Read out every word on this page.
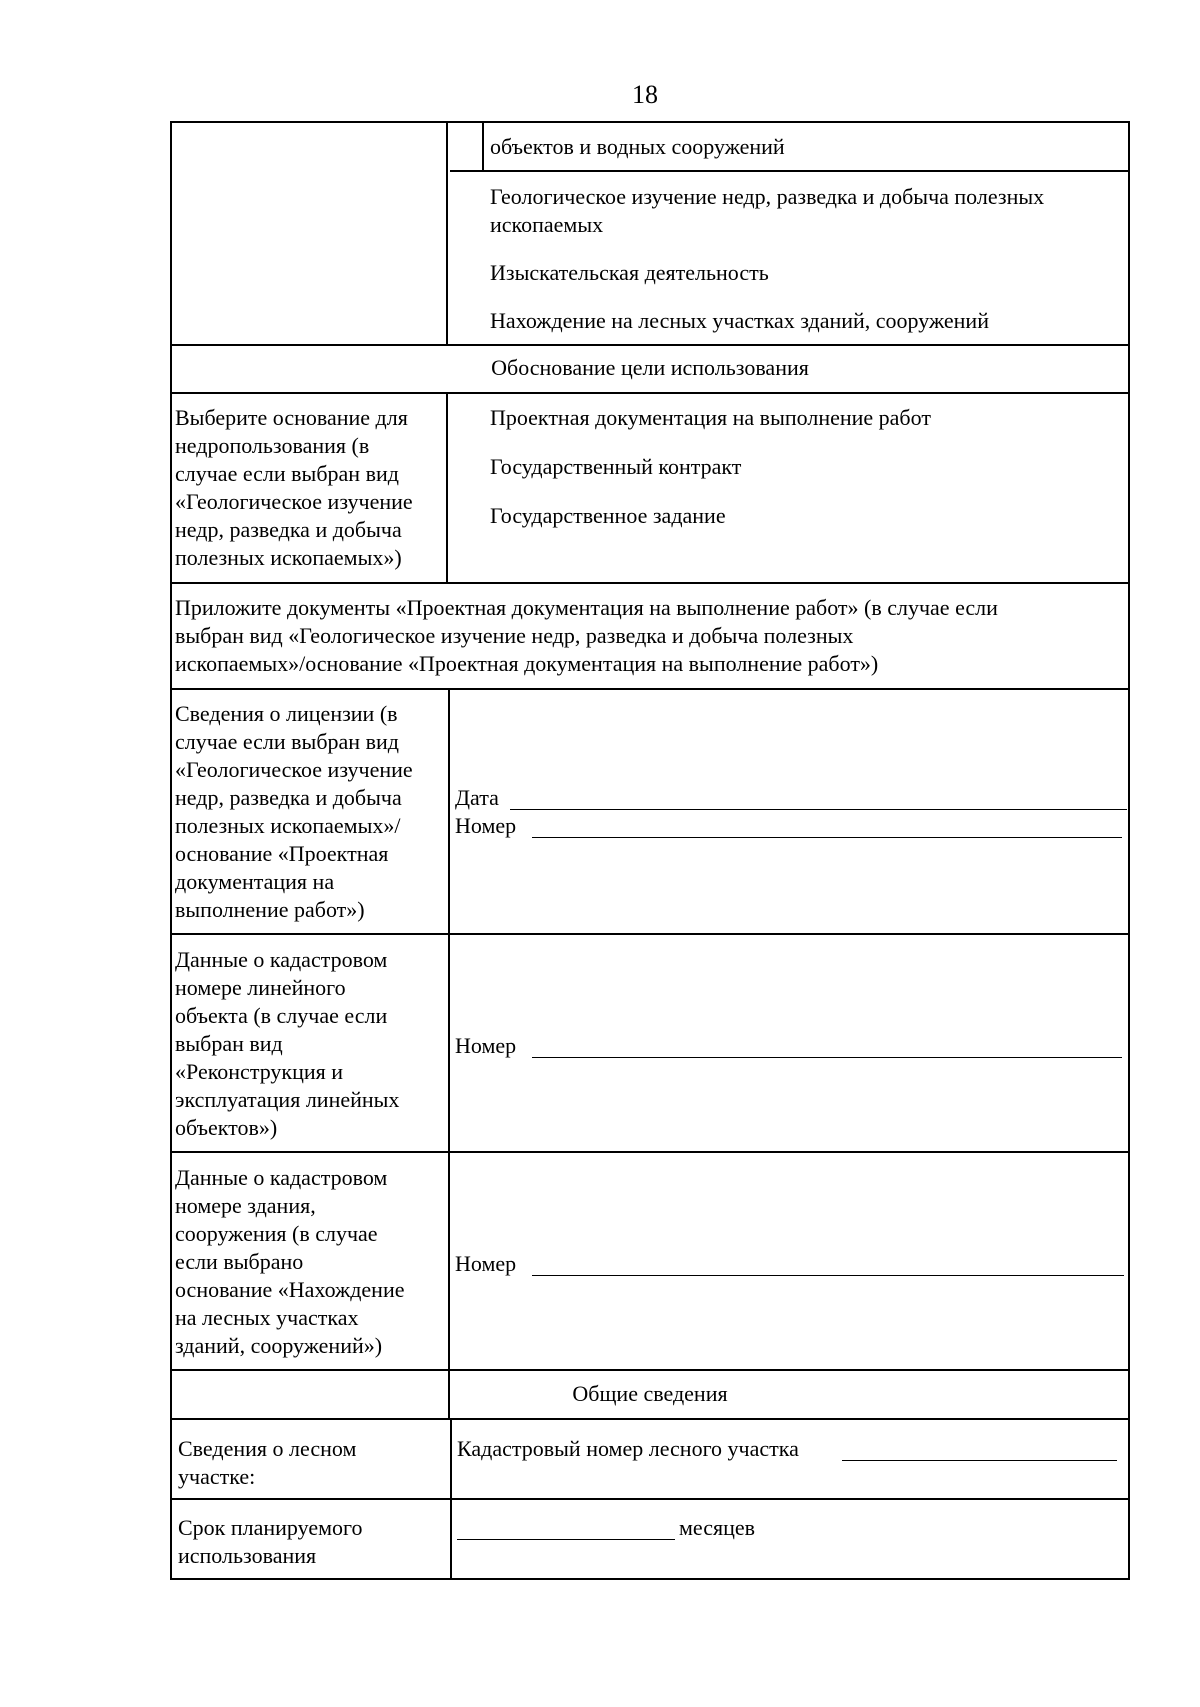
18
объектов и водных сооружений
Геологическое изучение недр, разведка и добыча полезных
ископаемых
Изыскательская деятельность
Нахождение на лесных участках зданий, сооружений
Обоснование цели использования
Выберите основание для
недропользования (в
случае если выбран вид
«Геологическое изучение
недр, разведка и добыча
полезных ископаемых»)
Проектная документация на выполнение работ
Государственный контракт
Государственное задание
Приложите документы «Проектная документация на выполнение работ» (в случае если
выбран вид «Геологическое изучение недр, разведка и добыча полезных
ископаемых»/основание «Проектная документация на выполнение работ»)
Сведения о лицензии (в
случае если выбран вид
«Геологическое изучение
недр, разведка и добыча
полезных ископаемых»/
основание «Проектная
документация на
выполнение работ»)
Дата
Номер
Данные о кадастровом
номере линейного
объекта (в случае если
выбран вид
«Реконструкция и
эксплуатация линейных
объектов»)
Номер
Данные о кадастровом
номере здания,
сооружения (в случае
если выбрано
основание «Нахождение
на лесных участках
зданий, сооружений»)
Номер
Общие сведения
Сведения о лесном
участке:
Кадастровый номер лесного участка
Срок планируемого
использования
месяцев
